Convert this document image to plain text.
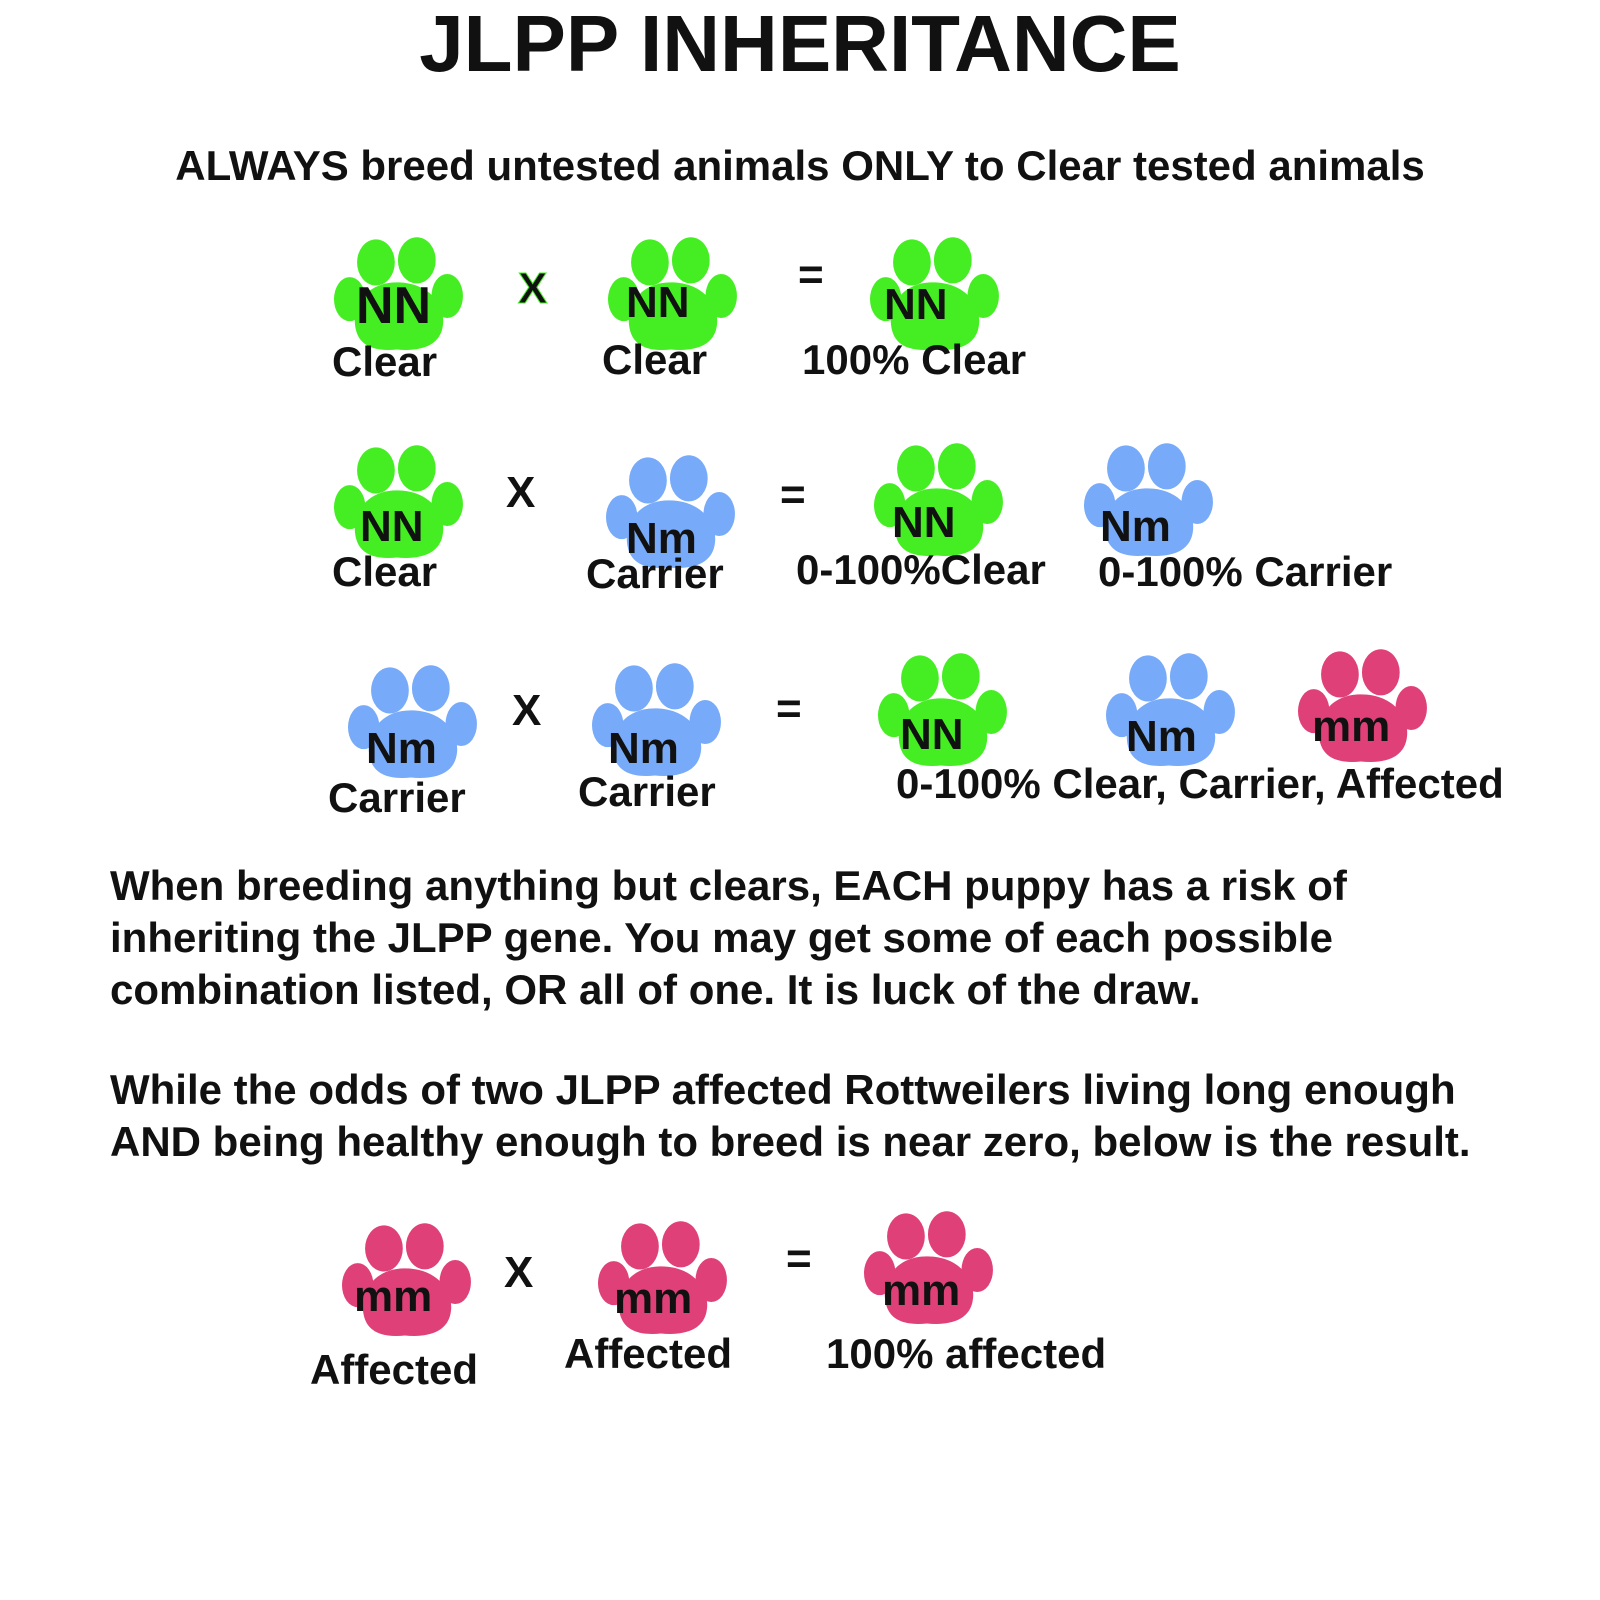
JLPP INHERITANCE
ALWAYS breed untested animals ONLY to Clear tested animals
NN
Clear
X NN
Clear
=
NN
100% Clear
NN
Clear
X
Nm
Carrier
=
NN	Nm
0-100%Clear 0-100% Carrier
Nm
Carrier
X
Nm
Carrier
=
NN	Nm	mm
0-100% Clear, Carrier, Affected
When breeding anything but clears, EACH puppy has a risk of
inheriting the JLPP gene. You may get some of each possible
combination listed, OR all of one. It is luck of the draw.
While the odds of two JLPP affected Rottweilers living long enough
AND being healthy enough to breed is near zero, below is the result.
mm
Affected
X
mm
Affected
=
mm
100% affected
